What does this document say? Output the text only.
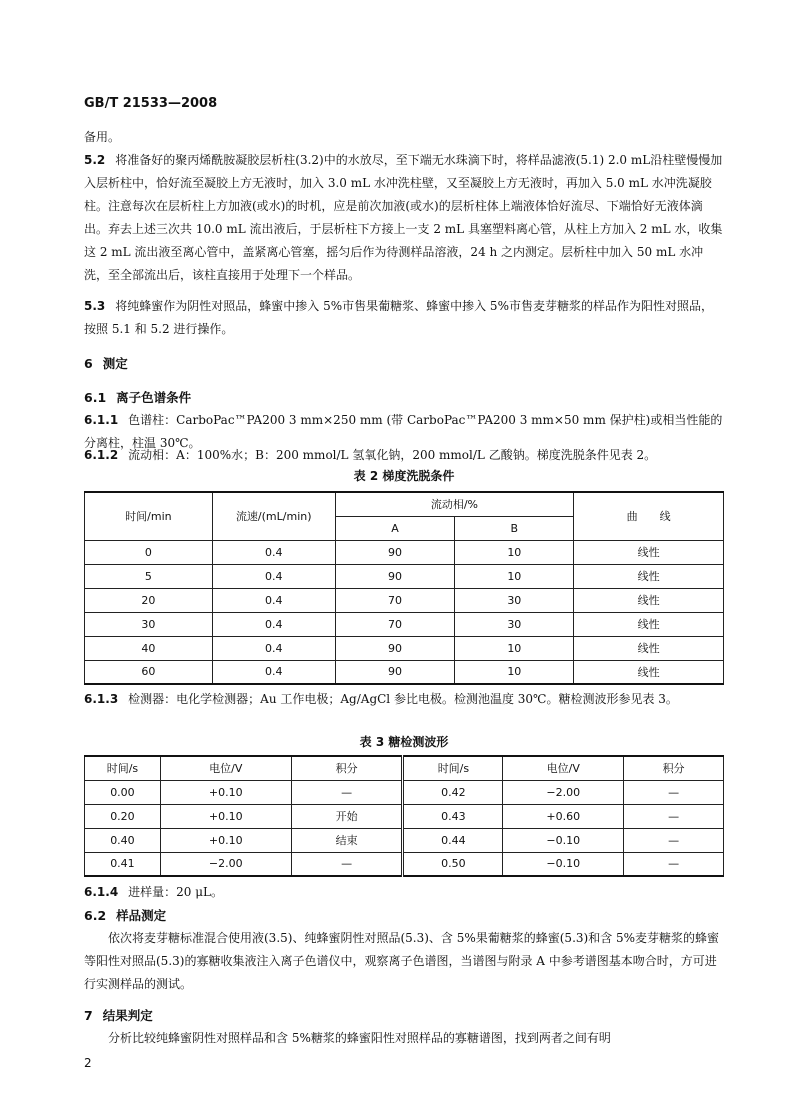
GB/T 21533—2008
备用。
5.2 将准备好的聚丙烯酰胺凝胶层析柱(3.2)中的水放尽，至下端无水珠滴下时，将样品滤液(5.1) 2.0 mL沿柱壁慢慢加入层析柱中，恰好流至凝胶上方无液时，加入 3.0 mL 水冲洗柱壁，又至凝胶上方无液时，再加入 5.0 mL 水冲洗凝胶柱。注意每次在层析柱上方加液(或水)的时机，应是前次加液(或水)的层析柱体上端液体恰好流尽、下端恰好无液体滴出。弃去上述三次共 10.0 mL 流出液后，于层析柱下方接上一支 2 mL 具塞塑料离心管，从柱上方加入 2 mL 水，收集这 2 mL 流出液至离心管中，盖紧离心管塞，摇匀后作为待测样品溶液，24 h 之内测定。层析柱中加入 50 mL 水冲洗，至全部流出后，该柱直接用于处理下一个样品。
5.3 将纯蜂蜜作为阴性对照品，蜂蜜中掺入 5%市售果葡糖浆、蜂蜜中掺入 5%市售麦芽糖浆的样品作为阳性对照品，按照 5.1 和 5.2 进行操作。
6 测定
6.1 离子色谱条件
6.1.1 色谱柱：CarboPac™PA200 3 mm×250 mm (带 CarboPac™PA200 3 mm×50 mm 保护柱)或相当性能的分离柱，柱温 30℃。
6.1.2 流动相：A：100%水；B：200 mmol/L 氢氧化钠，200 mmol/L 乙酸钠。梯度洗脱条件见表 2。
表 2 梯度洗脱条件
时间/min	流速/(mL/min)	流动相/%		曲　　线
		A	B	
0	0.4	90	10	线性
5	0.4	90	10	线性
20	0.4	70	30	线性
30	0.4	70	30	线性
40	0.4	90	10	线性
60	0.4	90	10	线性
6.1.3 检测器：电化学检测器；Au 工作电极；Ag/AgCl 参比电极。检测池温度 30℃。糖检测波形参见表 3。
表 3 糖检测波形
时间/s	电位/V	积分	时间/s	电位/V	积分
0.00	+0.10	—	0.42	−2.00	—
0.20	+0.10	开始	0.43	+0.60	—
0.40	+0.10	结束	0.44	−0.10	—
0.41	−2.00	—	0.50	−0.10	—
6.1.4 进样量：20 μL。
6.2 样品测定
依次将麦芽糖标准混合使用液(3.5)、纯蜂蜜阴性对照品(5.3)、含 5%果葡糖浆的蜂蜜(5.3)和含 5%麦芽糖浆的蜂蜜等阳性对照品(5.3)的寡糖收集液注入离子色谱仪中，观察离子色谱图，当谱图与附录 A 中参考谱图基本吻合时，方可进行实测样品的测试。
7 结果判定
分析比较纯蜂蜜阴性对照样品和含 5%糖浆的蜂蜜阳性对照样品的寡糖谱图，找到两者之间有明
2
